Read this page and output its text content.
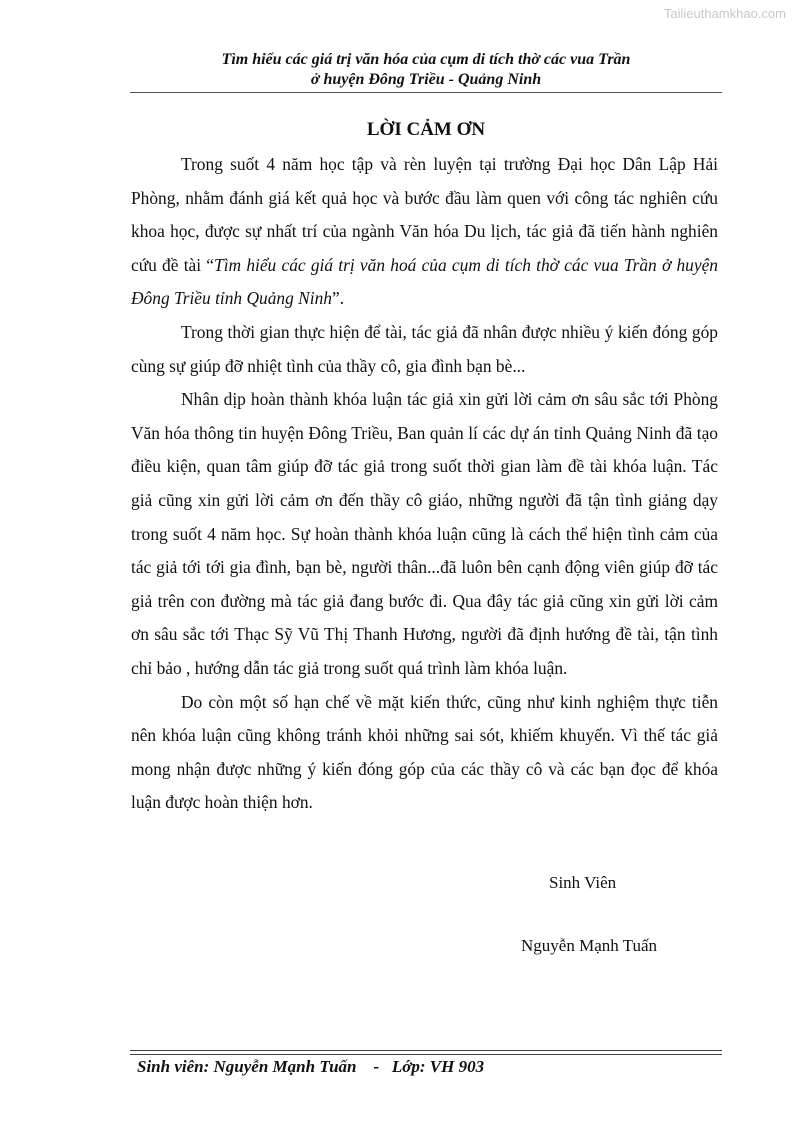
Tailieuthamkhao.com
Tìm hiểu các giá trị văn hóa của cụm di tích thờ các vua Trần
ở huyện Đông Triều - Quảng Ninh
LỜI CẢM ƠN

Trong suốt 4 năm học tập và rèn luyện tại trường Đại học Dân Lập Hải Phòng, nhằm đánh giá kết quả học và bước đầu làm quen với công tác nghiên cứu khoa học, được sự nhất trí của ngành Văn hóa Du lịch, tác giả đã tiến hành nghiên cứu đề tài “Tìm hiểu các giá trị văn hoá của cụm di tích thờ các vua Trần ở huyện Đông Triều tỉnh Quảng Ninh”.

Trong thời gian thực hiện để tài, tác giả đã nhân được nhiều ý kiến đóng góp cùng sự giúp đỡ nhiệt tình của thầy cô, gia đình bạn bè...

Nhân dịp hoàn thành khóa luận tác giả xin gửi lời cảm ơn sâu sắc tới Phòng Văn hóa thông tin huyện Đông Triều, Ban quản lí các dự án tỉnh Quảng Ninh đã tạo điều kiện, quan tâm giúp đỡ tác giả trong suốt thời gian làm đề tài khóa luận. Tác giả cũng xin gửi lời cảm ơn đến thầy cô giáo, những người đã tận tình giảng dạy trong suốt 4 năm học. Sự hoàn thành khóa luận cũng là cách thể hiện tình cảm của tác giả tới tới gia đình, bạn bè, người thân...đã luôn bên cạnh động viên giúp đỡ tác giả trên con đường mà tác giả đang bước đi. Qua đây tác giả cũng xin gửi lời cảm ơn sâu sắc tới Thạc Sỹ Vũ Thị Thanh Hương, người đã định hướng đề tài, tận tình chỉ bảo , hướng dẫn tác giả trong suốt quá trình làm khóa luận.

Do còn một số hạn chế về mặt kiến thức, cũng như kinh nghiệm thực tiễn nên khóa luận cũng không tránh khỏi những sai sót, khiếm khuyến. Vì thế tác giả mong nhận được những ý kiến đóng góp của các thầy cô và các bạn đọc để khóa luận được hoàn thiện hơn.

Sinh Viên
Nguyễn Mạnh Tuấn
Sinh viên: Nguyễn Mạnh Tuấn    -   Lớp: VH 903
